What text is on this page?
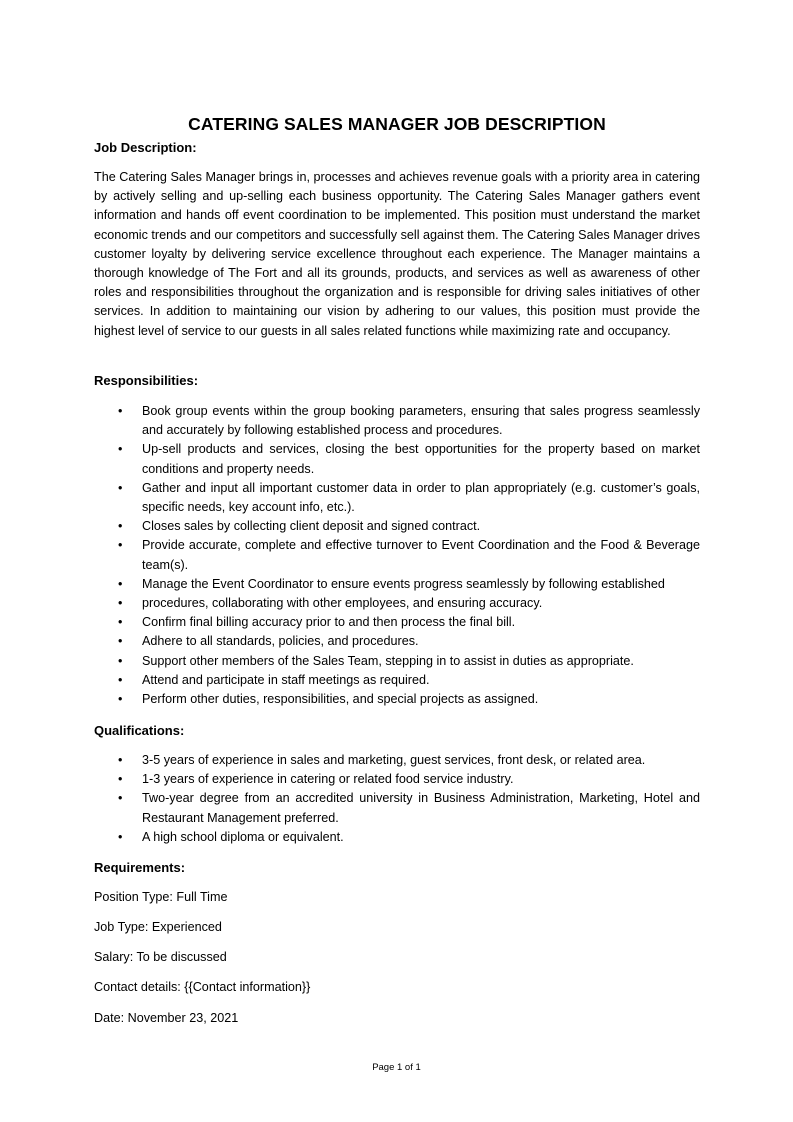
CATERING SALES MANAGER JOB DESCRIPTION
Job Description:
The Catering Sales Manager brings in, processes and achieves revenue goals with a priority area in catering by actively selling and up-selling each business opportunity. The Catering Sales Manager gathers event information and hands off event coordination to be implemented. This position must understand the market economic trends and our competitors and successfully sell against them. The Catering Sales Manager drives customer loyalty by delivering service excellence throughout each experience. The Manager maintains a thorough knowledge of The Fort and all its grounds, products, and services as well as awareness of other roles and responsibilities throughout the organization and is responsible for driving sales initiatives of other services. In addition to maintaining our vision by adhering to our values, this position must provide the highest level of service to our guests in all sales related functions while maximizing rate and occupancy.
Responsibilities:
• Book group events within the group booking parameters, ensuring that sales progress seamlessly and accurately by following established process and procedures.
• Up-sell products and services, closing the best opportunities for the property based on market conditions and property needs.
• Gather and input all important customer data in order to plan appropriately (e.g. customer’s goals, specific needs, key account info, etc.).
• Closes sales by collecting client deposit and signed contract.
• Provide accurate, complete and effective turnover to Event Coordination and the Food & Beverage team(s).
• Manage the Event Coordinator to ensure events progress seamlessly by following established
• procedures, collaborating with other employees, and ensuring accuracy.
• Confirm final billing accuracy prior to and then process the final bill.
• Adhere to all standards, policies, and procedures.
• Support other members of the Sales Team, stepping in to assist in duties as appropriate.
• Attend and participate in staff meetings as required.
• Perform other duties, responsibilities, and special projects as assigned.
Qualifications:
• 3-5 years of experience in sales and marketing, guest services, front desk, or related area.
• 1-3 years of experience in catering or related food service industry.
• Two-year degree from an accredited university in Business Administration, Marketing, Hotel and Restaurant Management preferred.
• A high school diploma or equivalent.
Requirements:
Position Type: Full Time
Job Type: Experienced
Salary: To be discussed
Contact details: {{Contact information}}
Date: November 23, 2021
Page 1 of 1
